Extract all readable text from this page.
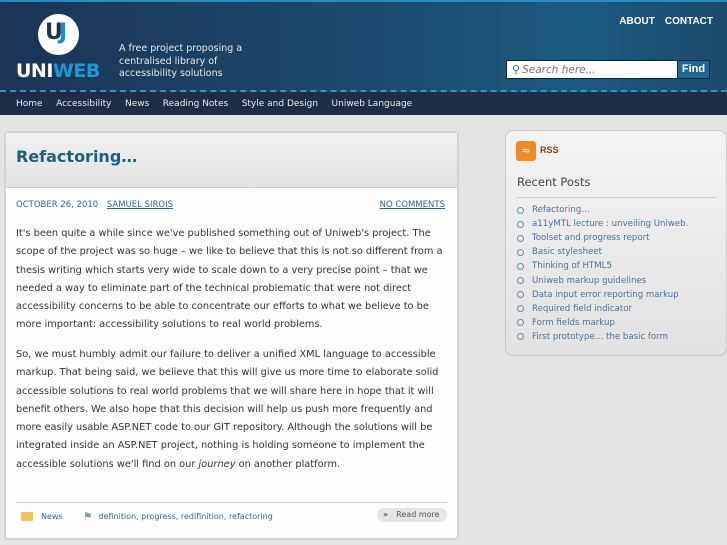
UJ
UNIWEB
A free project proposing a centralised library of accessibility solutions
ABOUT CONTACT
⚲
Search here...	Find
Home Accessibility News Reading Notes Style and Design Uniweb Language
Refactoring…
OCTOBER 26, 2010 SAMUEL SIROIS	NO COMMENTS

It's been quite a while since we've published something out of Uniweb's project. The scope of the project was so huge – we like to believe that this is not so different from a thesis writing which starts very wide to scale down to a very precise point – that we needed a way to eliminate part of the technical problematic that were not direct accessibility concerns to be able to concentrate our efforts to what we believe to be more important: accessibility solutions to real world problems.

So, we must humbly admit our failure to deliver a unified XML language to accessible markup. That being said, we believe that this will give us more time to elaborate solid accessible solutions to real world problems that we will share here in hope that it will benefit others. We also hope that this decision will help us push more frequently and more easily usable ASP.NET code to our GIT repository. Although the solutions will be integrated inside an ASP.NET project, nothing is holding someone to implement the accessible solutions we'll find on our journey on another platform.

News ⚑ definition, progress, redifinition, refactoring	» Read more
≈	RSS
Recent Posts
Refactoring…
a11yMTL lecture : unveiling Uniweb.
Toolset and progress report
Basic stylesheet
Thinking of HTML5
Uniweb markup guidelines
Data input error reporting markup
Required field indicator
Form fields markup
First prototype… the basic form
